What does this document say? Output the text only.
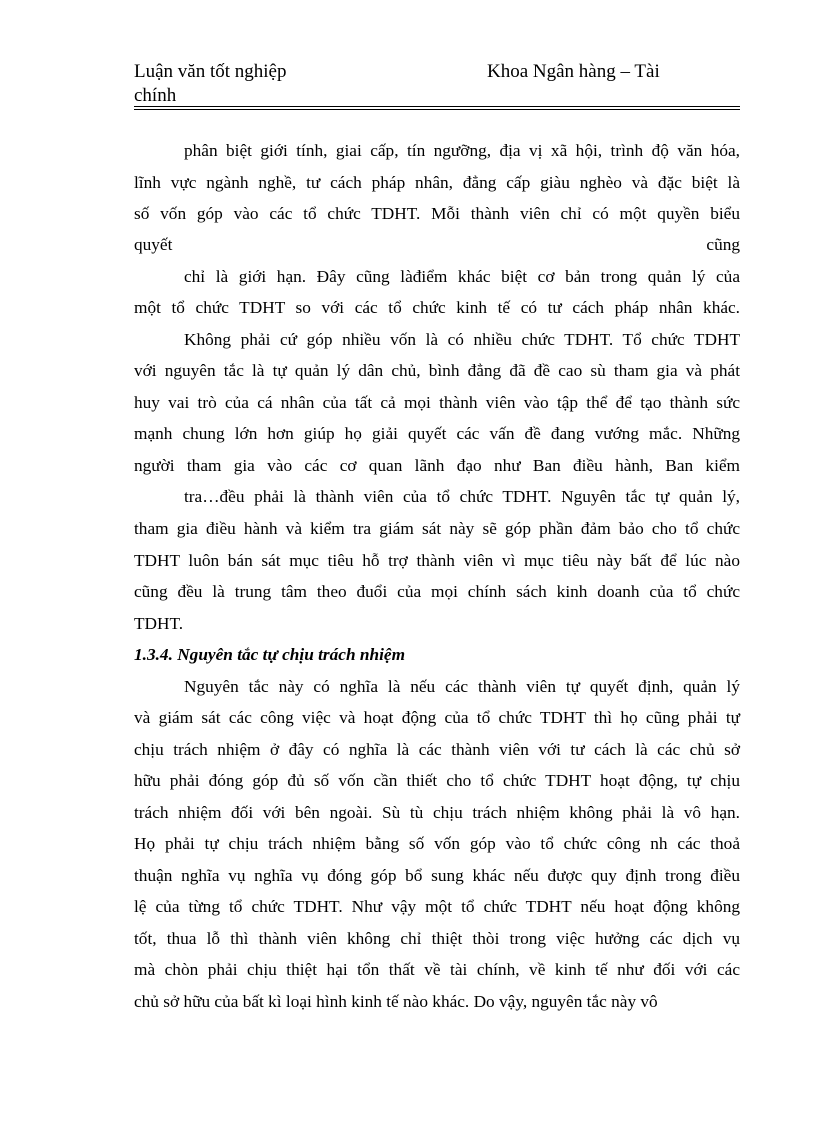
Luận văn tốt nghiệp	Khoa Ngân hàng – Tài
chính
phân biệt giới tính, giai cấp, tín ngưỡng, địa vị xã hội, trình độ văn hóa,
lĩnh vực ngành nghề, tư cách pháp nhân, đẳng cấp giàu nghèo và đặc biệt là
số vốn góp vào các tổ chức TDHT. Mỗi thành viên chỉ có một quyền biểu
quyết	cũng
chỉ là giới hạn. Đây cũng làđiểm khác biệt cơ bản trong quản lý của
một tổ chức TDHT so với các tổ chức kinh tế có tư cách pháp nhân khác.
Không phải cứ góp nhiều vốn là có nhiều chức TDHT. Tổ chức TDHT
với nguyên tắc là tự quản lý dân chủ, bình đẳng đã đề cao sù tham gia và phát
huy vai trò của cá nhân của tất cả mọi thành viên vào tập thể để tạo thành sức
mạnh chung lớn hơn giúp họ giải quyết các vấn đề đang vướng mắc. Những
người tham gia vào các cơ quan lãnh đạo như Ban điều hành, Ban kiểm
tra…đều phải là thành viên của tổ chức TDHT. Nguyên tắc tự quản lý,
tham gia điều hành và kiểm tra giám sát này sẽ góp phần đảm bảo cho tổ chức
TDHT luôn bán sát mục tiêu hỗ trợ thành viên vì mục tiêu này bất để lúc nào
cũng đều là trung tâm theo đuổi của mọi chính sách kinh doanh của tổ chức
TDHT.
1.3.4. Nguyên tắc tự chịu trách nhiệm
Nguyên tắc này có nghĩa là nếu các thành viên tự quyết định, quản lý
và giám sát các công việc và hoạt động của tổ chức TDHT thì họ cũng phải tự
chịu trách nhiệm ở đây có nghĩa là các thành viên với tư cách là các chủ sở
hữu phải đóng góp đủ số vốn cần thiết cho tổ chức TDHT hoạt động, tự chịu
trách nhiệm đối với bên ngoài. Sù tù chịu trách nhiệm không phải là vô hạn.
Họ phải tự chịu trách nhiệm bằng số vốn góp vào tổ chức công nh các thoả
thuận nghĩa vụ nghĩa vụ đóng góp bổ sung khác nếu được quy định trong điều
lệ của từng tổ chức TDHT. Như vậy một tổ chức TDHT nếu hoạt động không
tốt, thua lỗ thì thành viên không chỉ thiệt thòi trong việc hưởng các dịch vụ
mà chòn phải chịu thiệt hại tổn thất về tài chính, về kinh tế như đối với các
chủ sở hữu của bất kì loại hình kinh tế nào khác. Do vậy, nguyên tắc này vô
